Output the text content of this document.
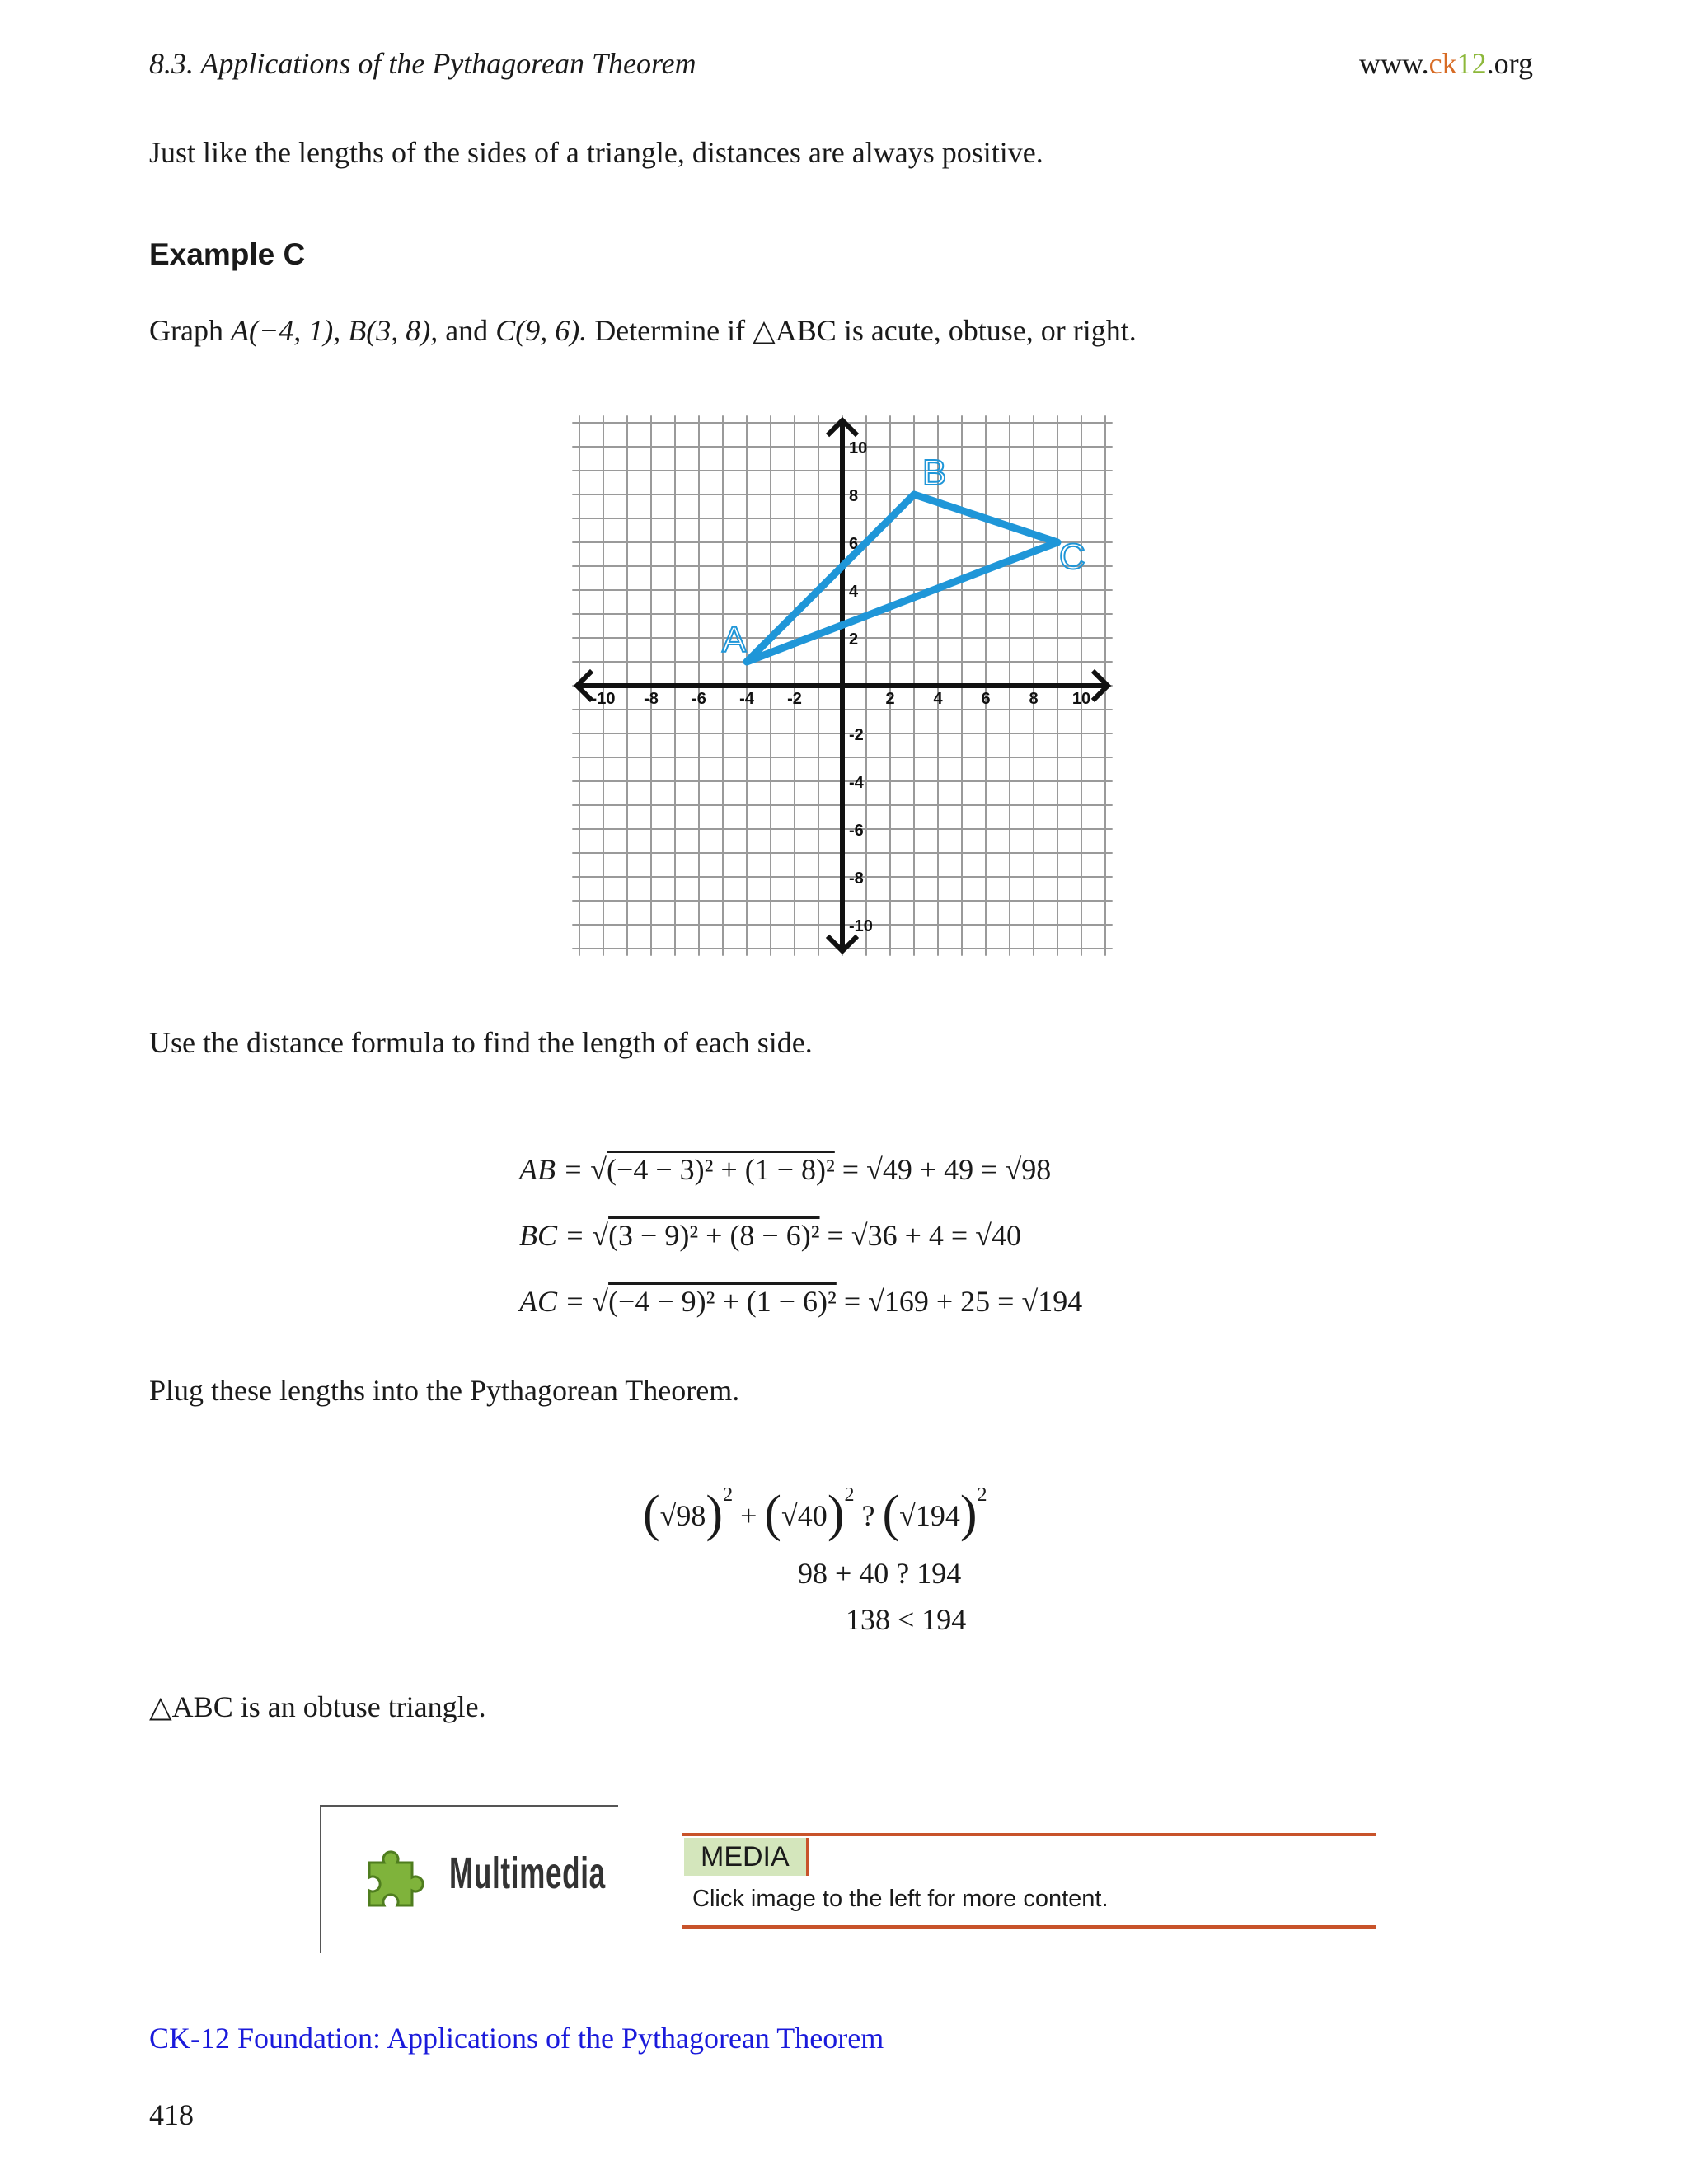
8.3. Applications of the Pythagorean Theorem	www.ck12.org
Just like the lengths of the sides of a triangle, distances are always positive.
Example C
Graph A(−4, 1), B(3, 8), and C(9, 6). Determine if △ABC is acute, obtuse, or right.
-10 -8 -6 -4 -2	2 4 6 8 10
10
8
6
4
2
-2
-4
-6
-8
-10
A
B
C
Use the distance formula to find the length of each side.
AB = √(−4 − 3)² + (1 − 8)² = √49 + 49 = √98
BC = √(3 − 9)² + (8 − 6)² = √36 + 4 = √40
AC = √(−4 − 9)² + (1 − 6)² = √169 + 25 = √194
Plug these lengths into the Pythagorean Theorem.
$(√98)^2 + (√40)^2$ ? $(√194)^2$
98 + 40 ? 194
138 < 194
△ABC is an obtuse triangle.
Multimedia	MEDIA
Click image to the left for more content.
CK-12 Foundation: Applications of the Pythagorean Theorem
418
